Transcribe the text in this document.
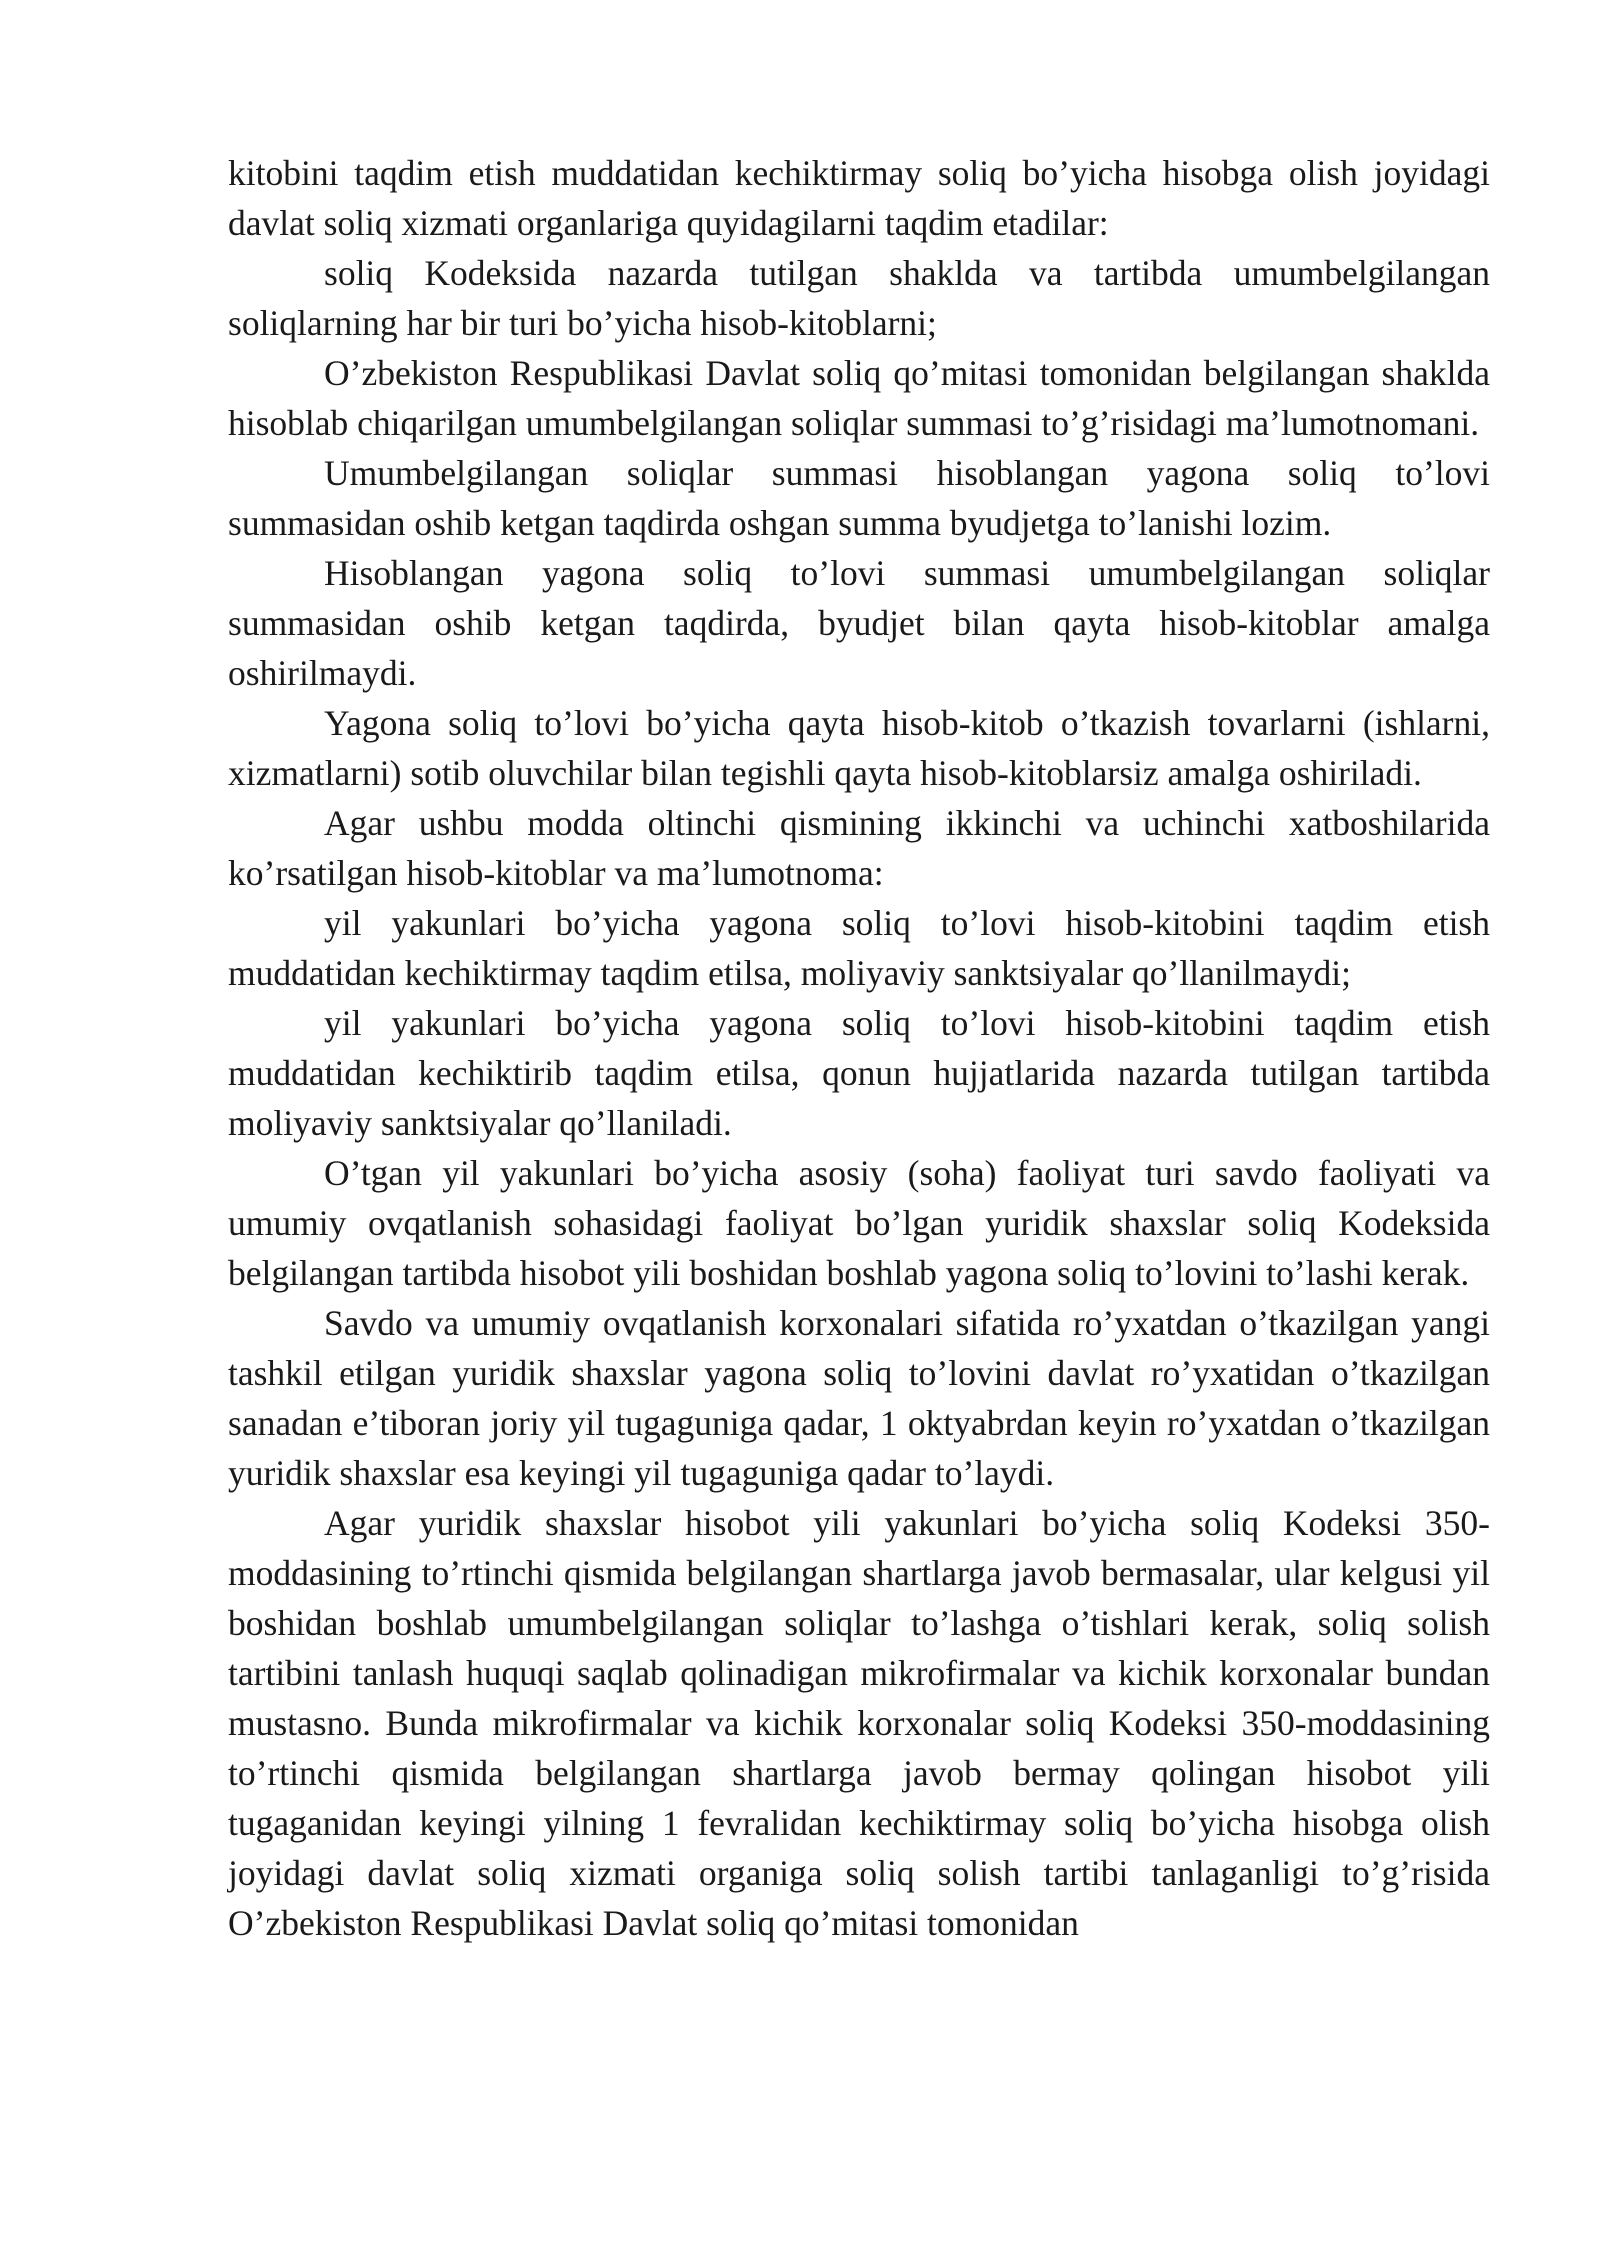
kitobini taqdim etish muddatidan kechiktirmay soliq bo’yicha hisobga olish joyidagi davlat soliq xizmati organlariga quyidagilarni taqdim etadilar:

soliq Kodeksida nazarda tutilgan shaklda va tartibda umumbelgilangan soliqlarning har bir turi bo’yicha hisob-kitoblarni;

O’zbekiston Respublikasi Davlat soliq qo’mitasi tomonidan belgilangan shaklda hisoblab chiqarilgan umumbelgilangan soliqlar summasi to’g’risidagi ma’lumotnomani.

Umumbelgilangan soliqlar summasi hisoblangan yagona soliq to’lovi summasidan oshib ketgan taqdirda oshgan summa byudjetga to’lanishi lozim.

Hisoblangan yagona soliq to’lovi summasi umumbelgilangan soliqlar summasidan oshib ketgan taqdirda, byudjet bilan qayta hisob-kitoblar amalga oshirilmaydi.

Yagona soliq to’lovi bo’yicha qayta hisob-kitob o’tkazish tovarlarni (ishlarni, xizmatlarni) sotib oluvchilar bilan tegishli qayta hisob-kitoblarsiz amalga oshiriladi.

Agar ushbu modda oltinchi qismining ikkinchi va uchinchi xatboshilarida ko’rsatilgan hisob-kitoblar va ma’lumotnoma:

yil yakunlari bo’yicha yagona soliq to’lovi hisob-kitobini taqdim etish muddatidan kechiktirmay taqdim etilsa, moliyaviy sanktsiyalar qo’llanilmaydi;

yil yakunlari bo’yicha yagona soliq to’lovi hisob-kitobini taqdim etish muddatidan kechiktirib taqdim etilsa, qonun hujjatlarida nazarda tutilgan tartibda moliyaviy sanktsiyalar qo’llaniladi.

O’tgan yil yakunlari bo’yicha asosiy (soha) faoliyat turi savdo faoliyati va umumiy ovqatlanish sohasidagi faoliyat bo’lgan yuridik shaxslar soliq Kodeksida belgilangan tartibda hisobot yili boshidan boshlab yagona soliq to’lovini to’lashi kerak.

Savdo va umumiy ovqatlanish korxonalari sifatida ro’yxatdan o’tkazilgan yangi tashkil etilgan yuridik shaxslar yagona soliq to’lovini davlat ro’yxatidan o’tkazilgan sanadan e’tiboran joriy yil tugaguniga qadar, 1 oktyabrdan keyin ro’yxatdan o’tkazilgan yuridik shaxslar esa keyingi yil tugaguniga qadar to’laydi.

Agar yuridik shaxslar hisobot yili yakunlari bo’yicha soliq Kodeksi 350-moddasining to’rtinchi qismida belgilangan shartlarga javob bermasalar, ular kelgusi yil boshidan boshlab umumbelgilangan soliqlar to’lashga o’tishlari kerak, soliq solish tartibini tanlash huquqi saqlab qolinadigan mikrofirmalar va kichik korxonalar bundan mustasno. Bunda mikrofirmalar va kichik korxonalar soliq Kodeksi 350-moddasining to’rtinchi qismida belgilangan shartlarga javob bermay qolingan hisobot yili tugaganidan keyingi yilning 1 fevralidan kechiktirmay soliq bo’yicha hisobga olish joyidagi davlat soliq xizmati organiga soliq solish tartibi tanlaganligi to’g’risida O’zbekiston Respublikasi Davlat soliq qo’mitasi tomonidan
